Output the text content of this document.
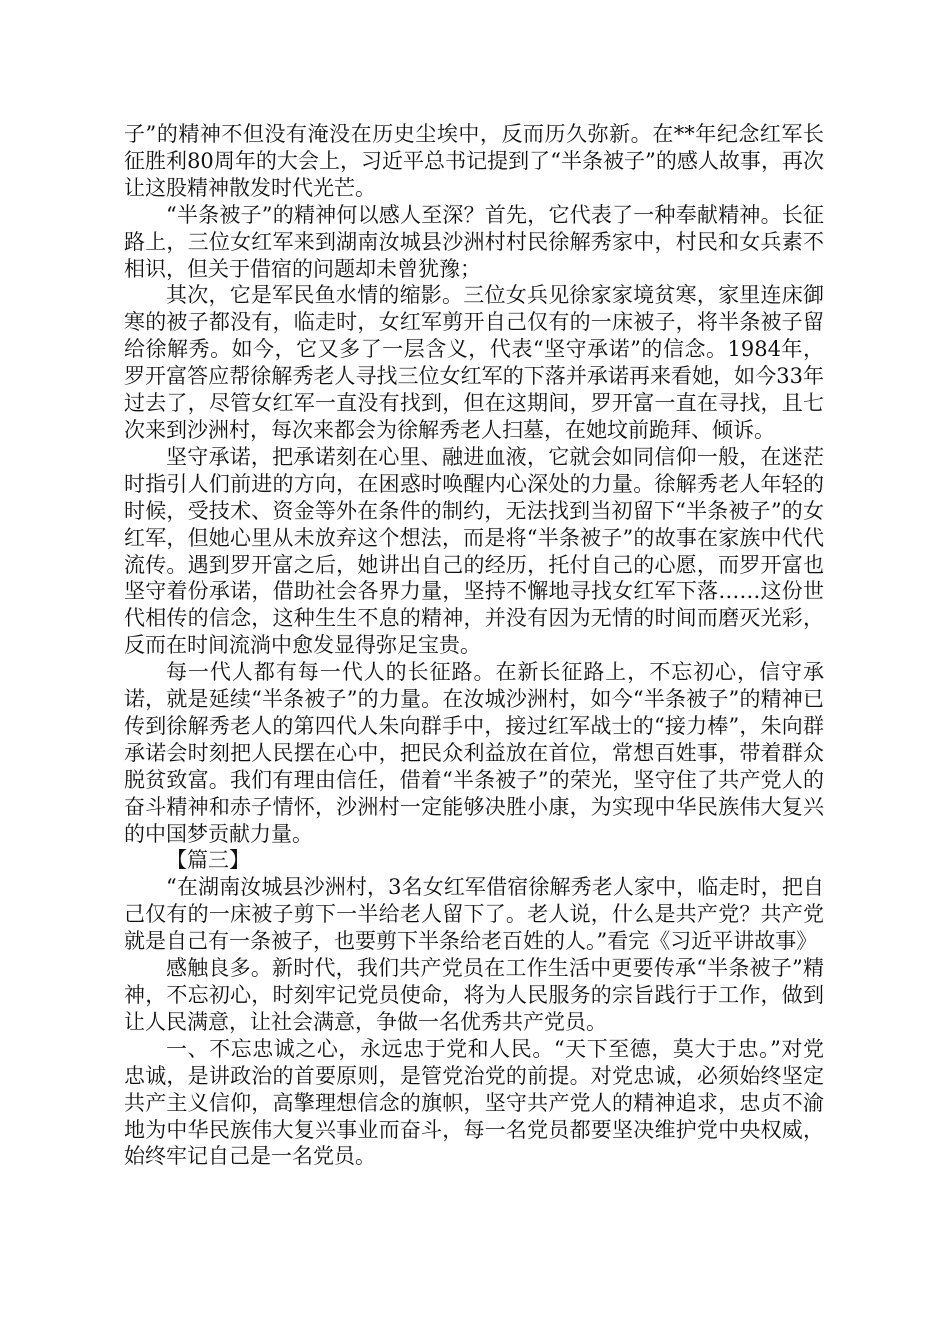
子”的精神不但没有淹没在历史尘埃中，反而历久弥新。在**年纪念红军长征胜利80周年的大会上，习近平总书记提到了“半条被子”的感人故事，再次让这股精神散发时代光芒。

“半条被子”的精神何以感人至深？首先，它代表了一种奉献精神。长征路上，三位女红军来到湖南汝城县沙洲村村民徐解秀家中，村民和女兵素不相识，但关于借宿的问题却未曾犹豫；

其次，它是军民鱼水情的缩影。三位女兵见徐家家境贫寒，家里连床御寒的被子都没有，临走时，女红军剪开自己仅有的一床被子，将半条被子留给徐解秀。如今，它又多了一层含义，代表“坚守承诺”的信念。1984年，罗开富答应帮徐解秀老人寻找三位女红军的下落并承诺再来看她，如今33年过去了，尽管女红军一直没有找到，但在这期间，罗开富一直在寻找，且七次来到沙洲村，每次来都会为徐解秀老人扫墓，在她坟前跪拜、倾诉。

坚守承诺，把承诺刻在心里、融进血液，它就会如同信仰一般，在迷茫时指引人们前进的方向，在困惑时唤醒内心深处的力量。徐解秀老人年轻的时候，受技术、资金等外在条件的制约，无法找到当初留下“半条被子”的女红军，但她心里从未放弃这个想法，而是将“半条被子”的故事在家族中代代流传。遇到罗开富之后，她讲出自己的经历，托付自己的心愿，而罗开富也坚守着份承诺，借助社会各界力量，坚持不懈地寻找女红军下落……这份世代相传的信念，这种生生不息的精神，并没有因为无情的时间而磨灭光彩，反而在时间流淌中愈发显得弥足宝贵。

每一代人都有每一代人的长征路。在新长征路上，不忘初心，信守承诺，就是延续“半条被子”的力量。在汝城沙洲村，如今“半条被子”的精神已传到徐解秀老人的第四代人朱向群手中，接过红军战士的“接力棒”，朱向群承诺会时刻把人民摆在心中，把民众利益放在首位，常想百姓事，带着群众脱贫致富。我们有理由信任，借着“半条被子”的荣光，坚守住了共产党人的奋斗精神和赤子情怀，沙洲村一定能够决胜小康，为实现中华民族伟大复兴的中国梦贡献力量。

【篇三】

“在湖南汝城县沙洲村，3名女红军借宿徐解秀老人家中，临走时，把自己仅有的一床被子剪下一半给老人留下了。老人说，什么是共产党？共产党就是自己有一条被子，也要剪下半条给老百姓的人。”看完《习近平讲故事》

感触良多。新时代，我们共产党员在工作生活中更要传承“半条被子”精神，不忘初心，时刻牢记党员使命，将为人民服务的宗旨践行于工作，做到让人民满意，让社会满意，争做一名优秀共产党员。

一、不忘忠诚之心，永远忠于党和人民。“天下至德，莫大于忠。”对党忠诚，是讲政治的首要原则，是管党治党的前提。对党忠诚，必须始终坚定共产主义信仰，高擎理想信念的旗帜，坚守共产党人的精神追求，忠贞不渝地为中华民族伟大复兴事业而奋斗，每一名党员都要坚决维护党中央权威，始终牢记自己是一名党员。
